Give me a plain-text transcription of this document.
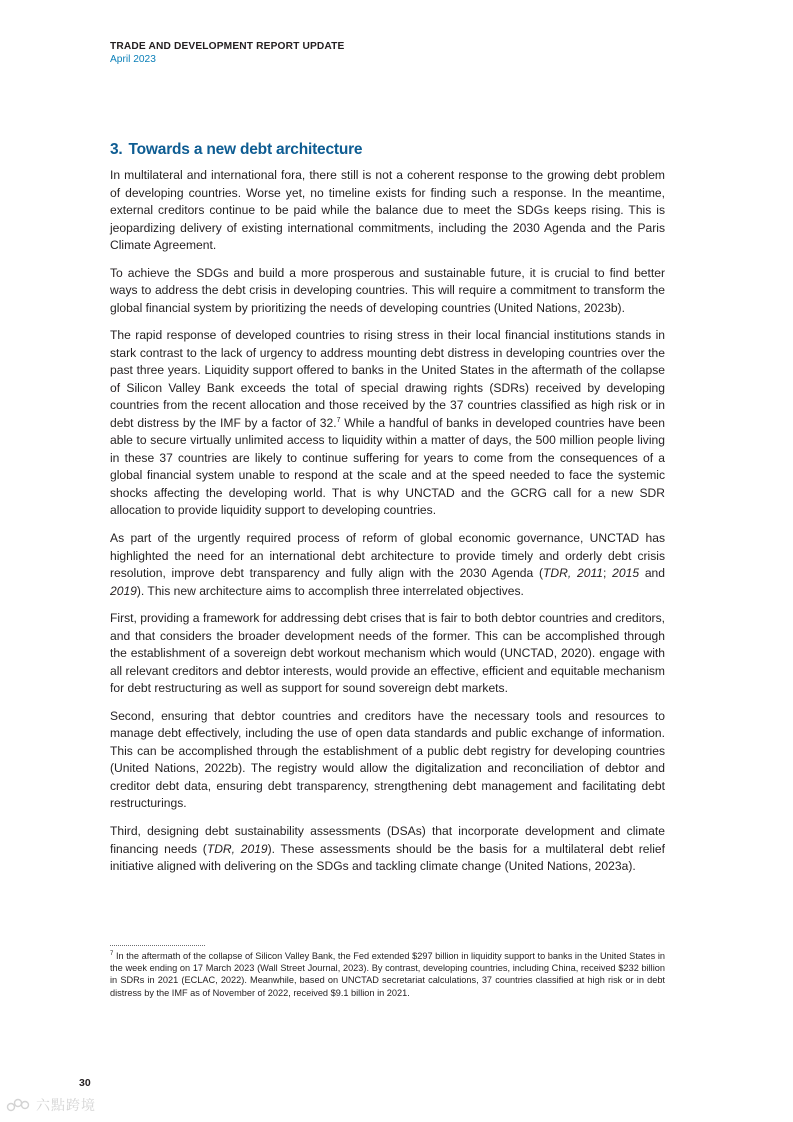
TRADE AND DEVELOPMENT REPORT UPDATE
April 2023
3. Towards a new debt architecture

In multilateral and international fora, there still is not a coherent response to the growing debt problem of developing countries. Worse yet, no timeline exists for finding such a response. In the meantime, external creditors continue to be paid while the balance due to meet the SDGs keeps rising. This is jeopardizing delivery of existing international commitments, including the 2030 Agenda and the Paris Climate Agreement.

To achieve the SDGs and build a more prosperous and sustainable future, it is crucial to find better ways to address the debt crisis in developing countries. This will require a commitment to transform the global financial system by prioritizing the needs of developing countries (United Nations, 2023b).

The rapid response of developed countries to rising stress in their local financial institutions stands in stark contrast to the lack of urgency to address mounting debt distress in developing countries over the past three years. Liquidity support offered to banks in the United States in the aftermath of the collapse of Silicon Valley Bank exceeds the total of special drawing rights (SDRs) received by developing countries from the recent allocation and those received by the 37 countries classified as high risk or in debt distress by the IMF by a factor of 32.$^7$ While a handful of banks in developed countries have been able to secure virtually unlimited access to liquidity within a matter of days, the 500 million people living in these 37 countries are likely to continue suffering for years to come from the consequences of a global financial system unable to respond at the scale and at the speed needed to face the systemic shocks affecting the developing world. That is why UNCTAD and the GCRG call for a new SDR allocation to provide liquidity support to developing countries.

As part of the urgently required process of reform of global economic governance, UNCTAD has highlighted the need for an international debt architecture to provide timely and orderly debt crisis resolution, improve debt transparency and fully align with the 2030 Agenda (TDR, 2011; 2015 and 2019). This new architecture aims to accomplish three interrelated objectives.

First, providing a framework for addressing debt crises that is fair to both debtor countries and creditors, and that considers the broader development needs of the former. This can be accomplished through the establishment of a sovereign debt workout mechanism which would (UNCTAD, 2020). engage with all relevant creditors and debtor interests, would provide an effective, efficient and equitable mechanism for debt restructuring as well as support for sound sovereign debt markets.

Second, ensuring that debtor countries and creditors have the necessary tools and resources to manage debt effectively, including the use of open data standards and public exchange of information. This can be accomplished through the establishment of a public debt registry for developing countries (United Nations, 2022b). The registry would allow the digitalization and reconciliation of debtor and creditor debt data, ensuring debt transparency, strengthening debt management and facilitating debt restructurings.

Third, designing debt sustainability assessments (DSAs) that incorporate development and climate financing needs (TDR, 2019). These assessments should be the basis for a multilateral debt relief initiative aligned with delivering on the SDGs and tackling climate change (United Nations, 2023a).

$^7$ In the aftermath of the collapse of Silicon Valley Bank, the Fed extended $297 billion in liquidity support to banks in the United States in the week ending on 17 March 2023 (Wall Street Journal, 2023). By contrast, developing countries, including China, received $232 billion in SDRs in 2021 (ECLAC, 2022). Meanwhile, based on UNCTAD secretariat calculations, 37 countries classified at high risk or in debt distress by the IMF as of November of 2022, received $9.1 billion in 2021.
30
六點跨境
